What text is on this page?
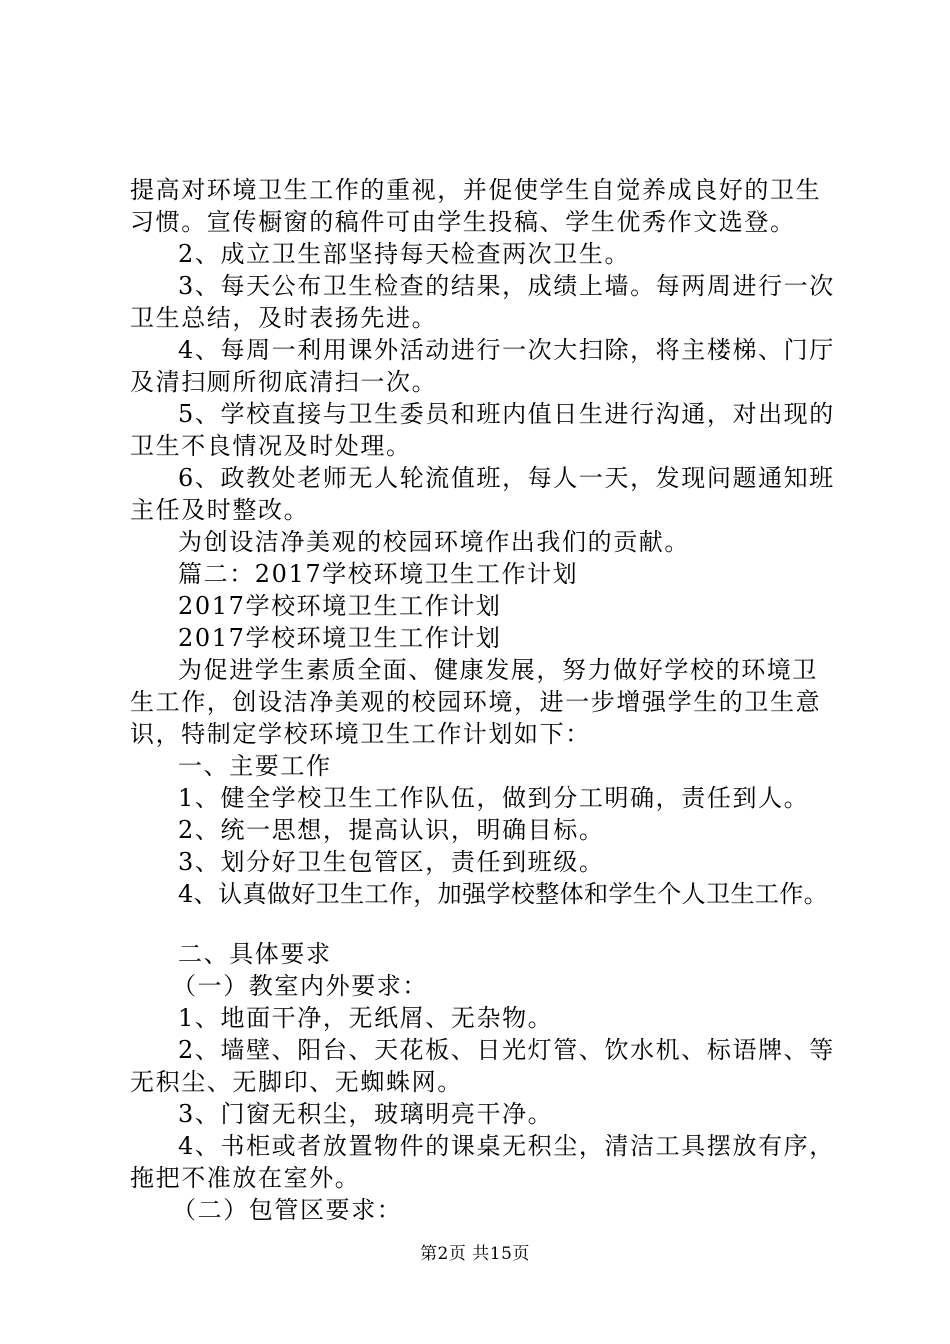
提高对环境卫生工作的重视，并促使学生自觉养成良好的卫生
习惯。宣传橱窗的稿件可由学生投稿、学生优秀作文选登。
2、成立卫生部坚持每天检查两次卫生。
3、每天公布卫生检查的结果，成绩上墙。每两周进行一次
卫生总结，及时表扬先进。
4、每周一利用课外活动进行一次大扫除，将主楼梯、门厅
及清扫厕所彻底清扫一次。
5、学校直接与卫生委员和班内值日生进行沟通，对出现的
卫生不良情况及时处理。
6、政教处老师无人轮流值班，每人一天，发现问题通知班
主任及时整改。
为创设洁净美观的校园环境作出我们的贡献。
篇二：2017学校环境卫生工作计划
2017学校环境卫生工作计划
2017学校环境卫生工作计划
为促进学生素质全面、健康发展，努力做好学校的环境卫
生工作，创设洁净美观的校园环境，进一步增强学生的卫生意
识，特制定学校环境卫生工作计划如下：
一、主要工作
1、健全学校卫生工作队伍，做到分工明确，责任到人。
2、统一思想，提高认识，明确目标。
3、划分好卫生包管区，责任到班级。
4、认真做好卫生工作，加强学校整体和学生个人卫生工作。
二、具体要求
（一）教室内外要求：
1、地面干净，无纸屑、无杂物。
2、墙壁、阳台、天花板、日光灯管、饮水机、标语牌、等
无积尘、无脚印、无蜘蛛网。
3、门窗无积尘，玻璃明亮干净。
4、书柜或者放置物件的课桌无积尘，清洁工具摆放有序，
拖把不准放在室外。
（二）包管区要求：
第2页 共15页
